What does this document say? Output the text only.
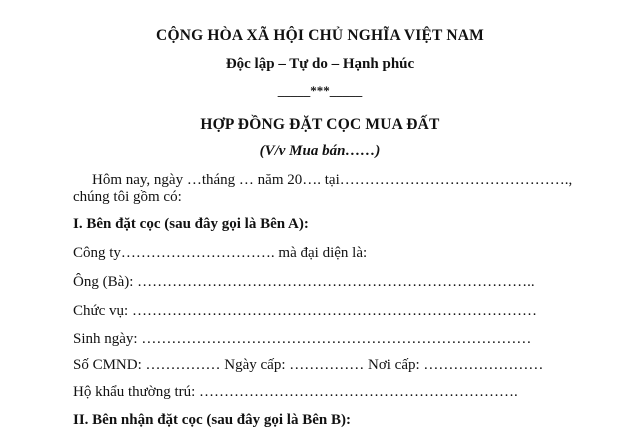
CỘNG HÒA XÃ HỘI CHỦ NGHĨA VIỆT NAM
Độc lập – Tự do – Hạnh phúc
_____***_____
HỢP ĐỒNG ĐẶT CỌC MUA ĐẤT
(V/v Mua bán……)
Hôm nay, ngày …tháng … năm 20…. tại……………………………………….,
chúng tôi gồm có:
I. Bên đặt cọc (sau đây gọi là Bên A):
Công ty…………………………. mà đại diện là:
Ông (Bà): ……………………………………………………………………..
Chức vụ: ………………………………………………………………………
Sinh ngày: ……………………………………………………………………
Số CMND: …………… Ngày cấp: …………… Nơi cấp: ……………………
Hộ khẩu thường trú: ……………………………………………………….
II. Bên nhận đặt cọc (sau đây gọi là Bên B):
